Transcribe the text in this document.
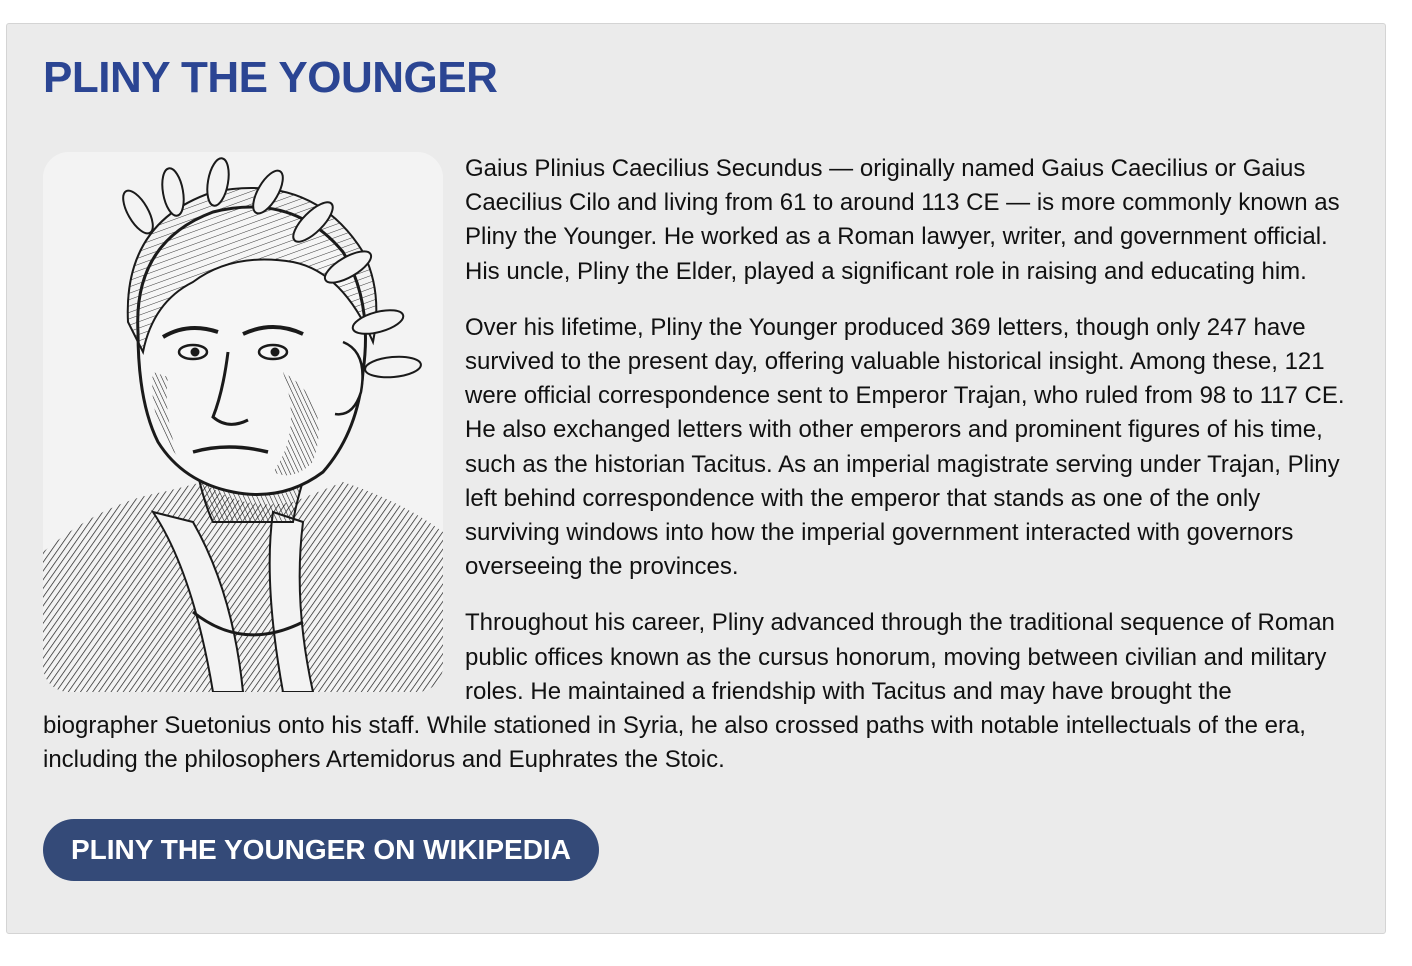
PLINY THE YOUNGER

Gaius Plinius Caecilius Secundus — originally named Gaius Caecilius or Gaius Caecilius Cilo and living from 61 to around 113 CE — is more commonly known as Pliny the Younger. He worked as a Roman lawyer, writer, and government official. His uncle, Pliny the Elder, played a significant role in raising and educating him.

Over his lifetime, Pliny the Younger produced 369 letters, though only 247 have survived to the present day, offering valuable historical insight. Among these, 121 were official correspondence sent to Emperor Trajan, who ruled from 98 to 117 CE. He also exchanged letters with other emperors and prominent figures of his time, such as the historian Tacitus. As an imperial magistrate serving under Trajan, Pliny left behind correspondence with the emperor that stands as one of the only surviving windows into how the imperial government interacted with governors overseeing the provinces.

Throughout his career, Pliny advanced through the traditional sequence of Roman public offices known as the cursus honorum, moving between civilian and military roles. He maintained a friendship with Tacitus and may have brought the biographer Suetonius onto his staff. While stationed in Syria, he also crossed paths with notable intellectuals of the era, including the philosophers Artemidorus and Euphrates the Stoic.

PLINY THE YOUNGER ON WIKIPEDIA
